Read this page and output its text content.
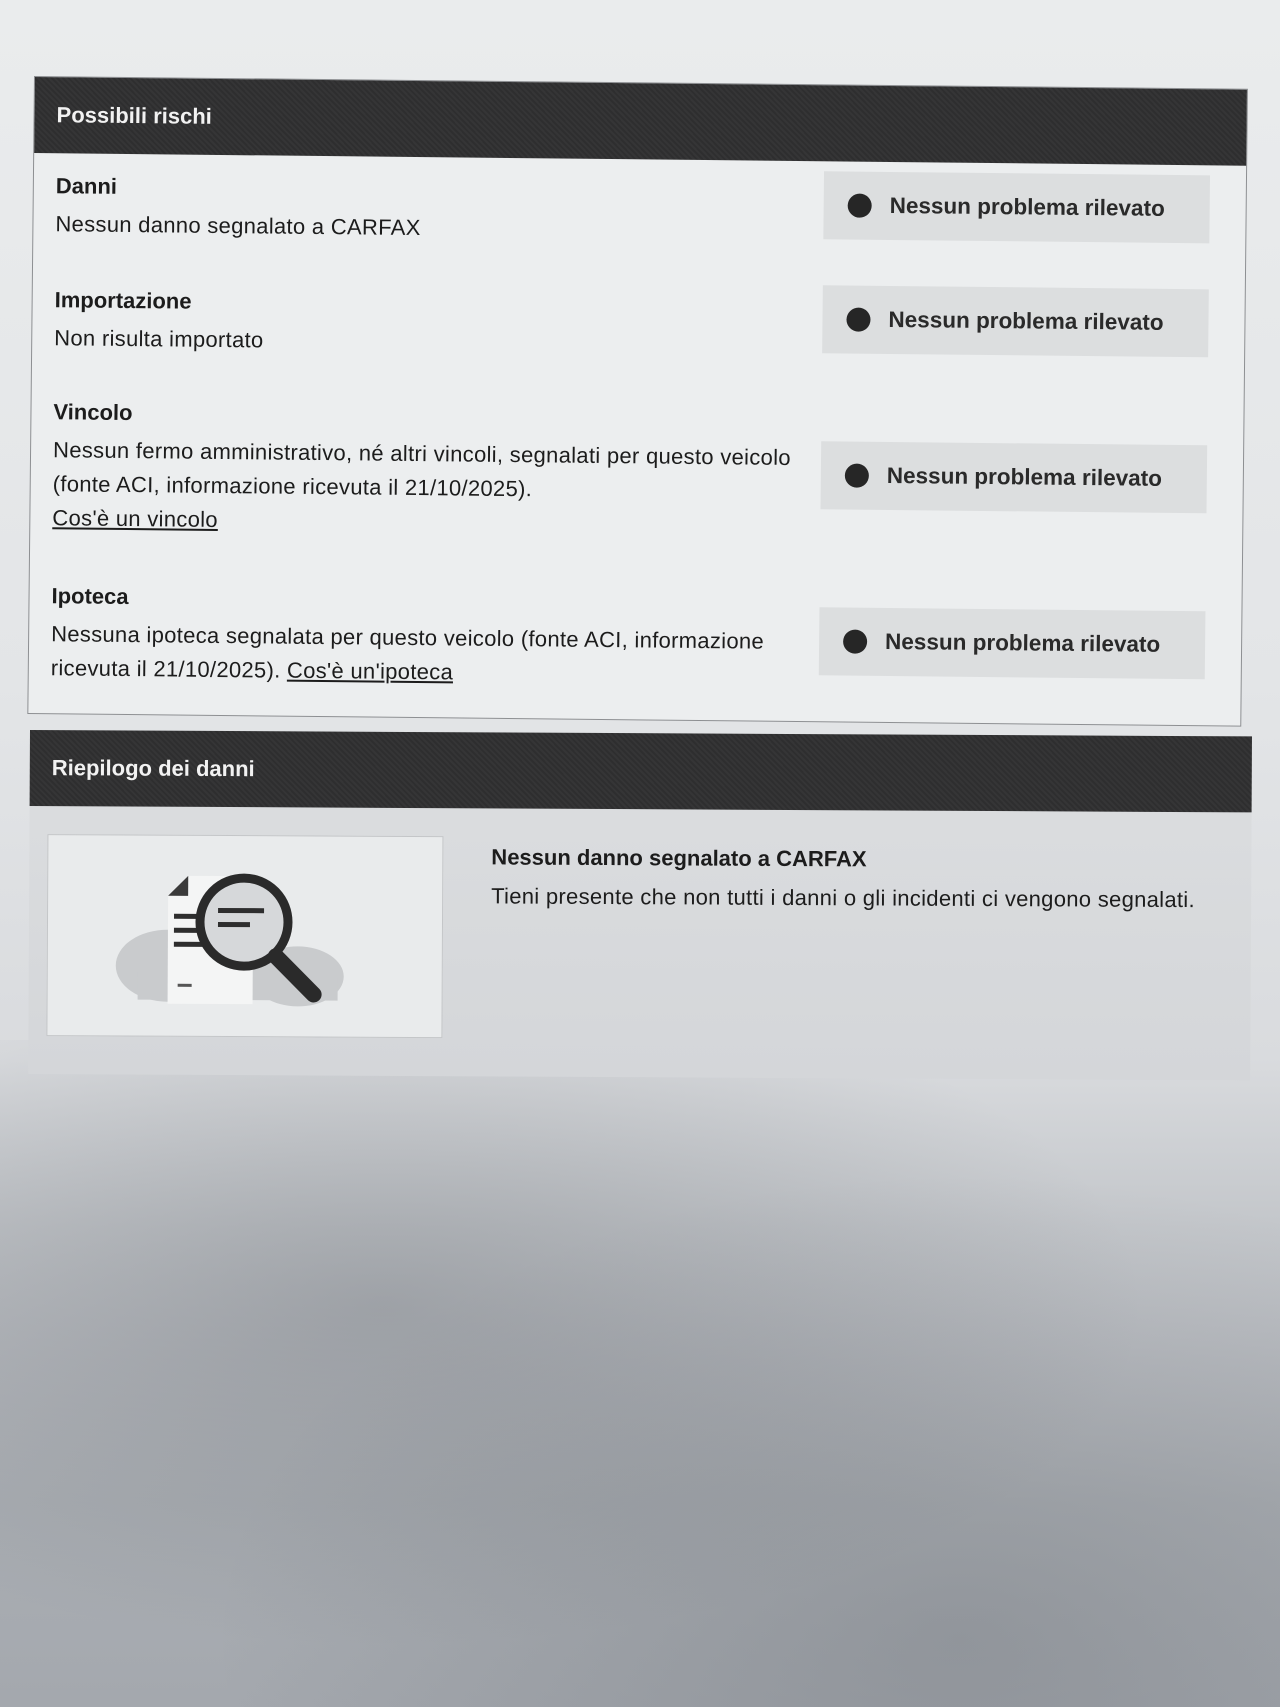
Possibili rischi
Danni
Nessun danno segnalato a CARFAX
Nessun problema rilevato
Importazione
Non risulta importato
Nessun problema rilevato
Vincolo
Nessun fermo amministrativo, né altri vincoli, segnalati per questo veicolo (fonte ACI, informazione ricevuta il 21/10/2025).
Cos'è un vincolo
Nessun problema rilevato
Ipoteca
Nessuna ipoteca segnalata per questo veicolo (fonte ACI, informazione ricevuta il 21/10/2025). Cos'è un'ipoteca
Nessun problema rilevato
Riepilogo dei danni
Nessun danno segnalato a CARFAX
Tieni presente che non tutti i danni o gli incidenti ci vengono segnalati.
